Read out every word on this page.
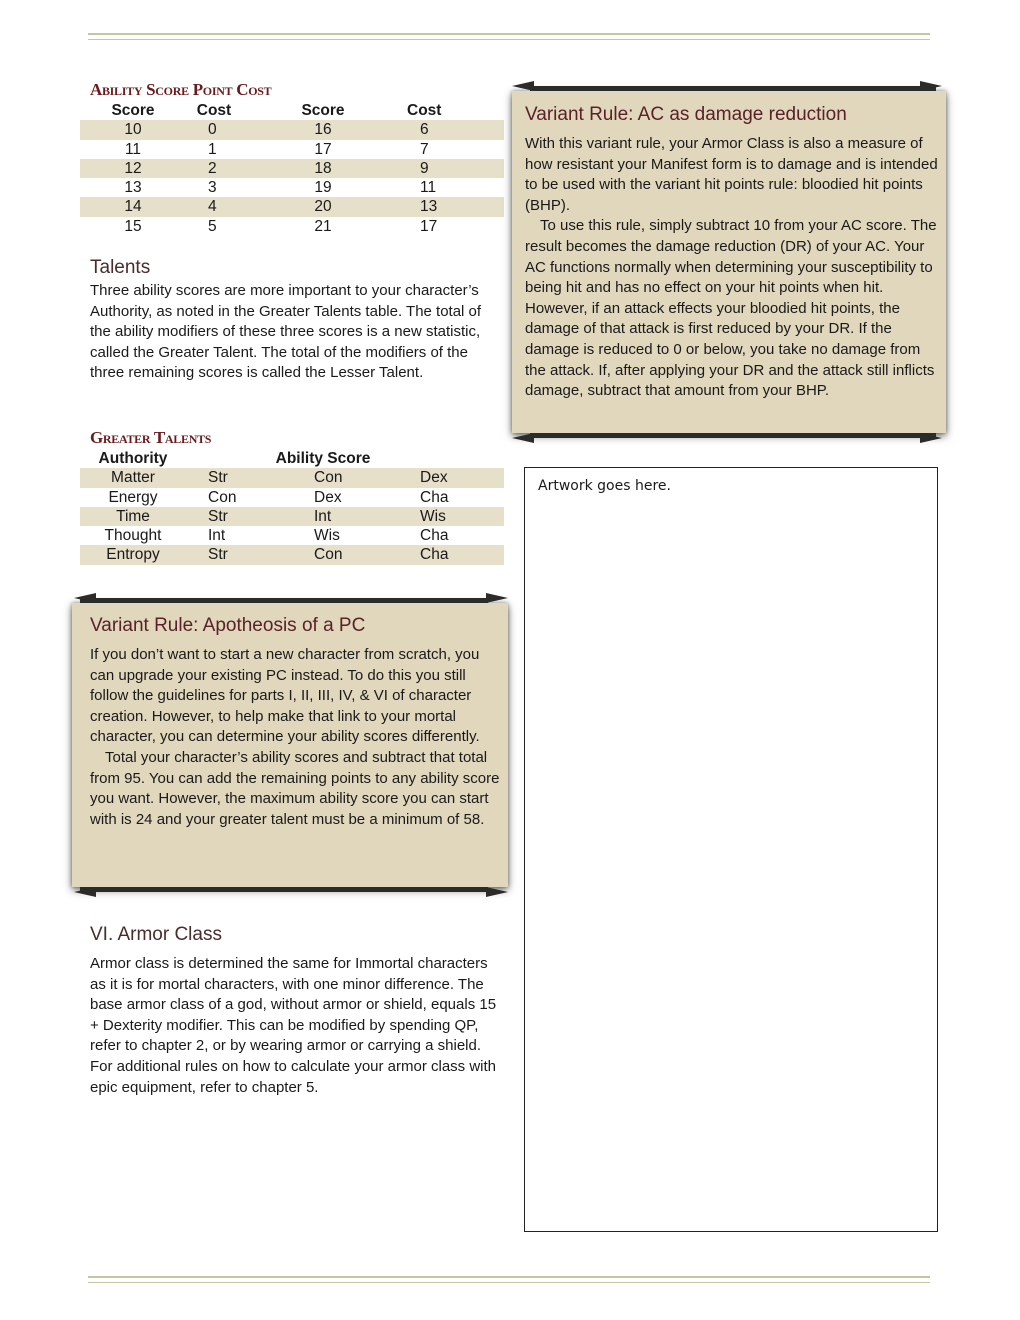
Ability Score Point Cost
Score	Cost	Score	Cost
10	0	16	6
11	1	17	7
12	2	18	9
13	3	19	11
14	4	20	13
15	5	21	17
Talents

Three ability scores are more important to your character’s Authority, as noted in the Greater Talents table. The total of the ability modifiers of these three scores is a new statistic, called the Greater Talent. The total of the modifiers of the three remaining scores is called the Lesser Talent.

Greater Talents
Authority	Ability Score		
Matter	Str	Con	Dex
Energy	Con	Dex	Cha
Time	Str	Int	Wis
Thought	Int	Wis	Cha
Entropy	Str	Con	Cha
Variant Rule: Apotheosis of a PC

If you don’t want to start a new character from scratch, you can upgrade your existing PC instead. To do this you still follow the guidelines for parts I, II, III, IV, & VI of character creation. However, to help make that link to your mortal character, you can determine your ability scores differently.

Total your character’s ability scores and subtract that total from 95. You can add the remaining points to any ability score you want. However, the maximum ability score you can start with is 24 and your greater talent must be a minimum of 58.

VI. Armor Class

Armor class is determined the same for Immortal characters as it is for mortal characters, with one minor difference. The base armor class of a god, without armor or shield, equals 15 + Dexterity modifier. This can be modified by spending QP, refer to chapter 2, or by wearing armor or carrying a shield. For additional rules on how to calculate your armor class with epic equipment, refer to chapter 5.

Variant Rule: AC as damage reduction

With this variant rule, your Armor Class is also a measure of how resistant your Manifest form is to damage and is intended to be used with the variant hit points rule: bloodied hit points (BHP).

To use this rule, simply subtract 10 from your AC score. The result becomes the damage reduction (DR) of your AC. Your AC functions normally when determining your susceptibility to being hit and has no effect on your hit points when hit. However, if an attack effects your bloodied hit points, the damage of that attack is first reduced by your DR. If the damage is reduced to 0 or below, you take no damage from the attack. If, after applying your DR and the attack still inflicts damage, subtract that amount from your BHP.

Artwork goes here.
